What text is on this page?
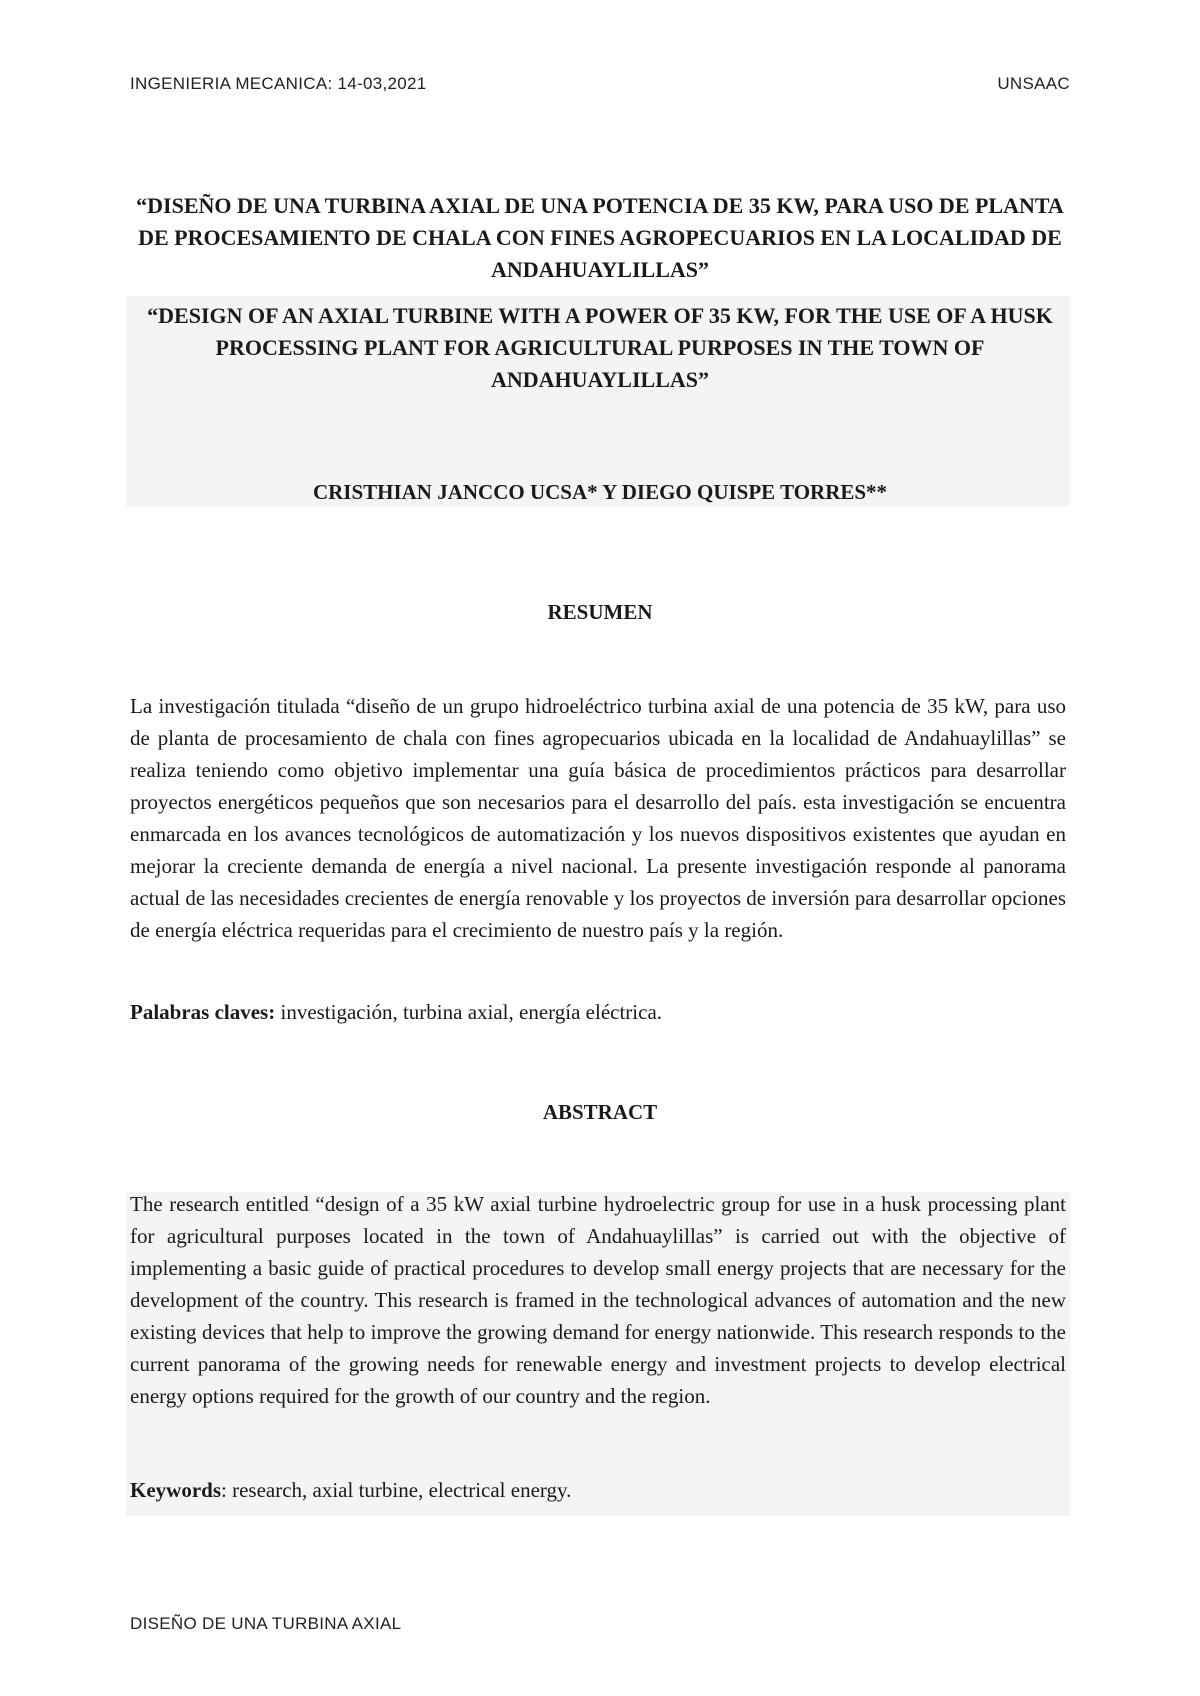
INGENIERIA MECANICA: 14-03,2021	UNSAAC
“DISEÑO DE UNA TURBINA AXIAL DE UNA POTENCIA DE 35 KW, PARA USO DE PLANTA DE PROCESAMIENTO DE CHALA CON FINES AGROPECUARIOS EN LA LOCALIDAD DE ANDAHUAYLILLAS”
“DESIGN OF AN AXIAL TURBINE WITH A POWER OF 35 KW, FOR THE USE OF A HUSK PROCESSING PLANT FOR AGRICULTURAL PURPOSES IN THE TOWN OF ANDAHUAYLILLAS”
CRISTHIAN JANCCO UCSA* Y DIEGO QUISPE TORRES**
RESUMEN
La investigación titulada “diseño de un grupo hidroeléctrico turbina axial de una potencia de 35 kW, para uso de planta de procesamiento de chala con fines agropecuarios ubicada en la localidad de Andahuaylillas” se realiza teniendo como objetivo implementar una guía básica de procedimientos prácticos para desarrollar proyectos energéticos pequeños que son necesarios para el desarrollo del país. esta investigación se encuentra enmarcada en los avances tecnológicos de automatización y los nuevos dispositivos existentes que ayudan en mejorar la creciente demanda de energía a nivel nacional. La presente investigación responde al panorama actual de las necesidades crecientes de energía renovable y los proyectos de inversión para desarrollar opciones de energía eléctrica requeridas para el crecimiento de nuestro país y la región.
Palabras claves: investigación, turbina axial, energía eléctrica.
ABSTRACT
The research entitled “design of a 35 kW axial turbine hydroelectric group for use in a husk processing plant for agricultural purposes located in the town of Andahuaylillas” is carried out with the objective of implementing a basic guide of practical procedures to develop small energy projects that are necessary for the development of the country. This research is framed in the technological advances of automation and the new existing devices that help to improve the growing demand for energy nationwide. This research responds to the current panorama of the growing needs for renewable energy and investment projects to develop electrical energy options required for the growth of our country and the region.
Keywords: research, axial turbine, electrical energy.
DISEÑO DE UNA TURBINA AXIAL
